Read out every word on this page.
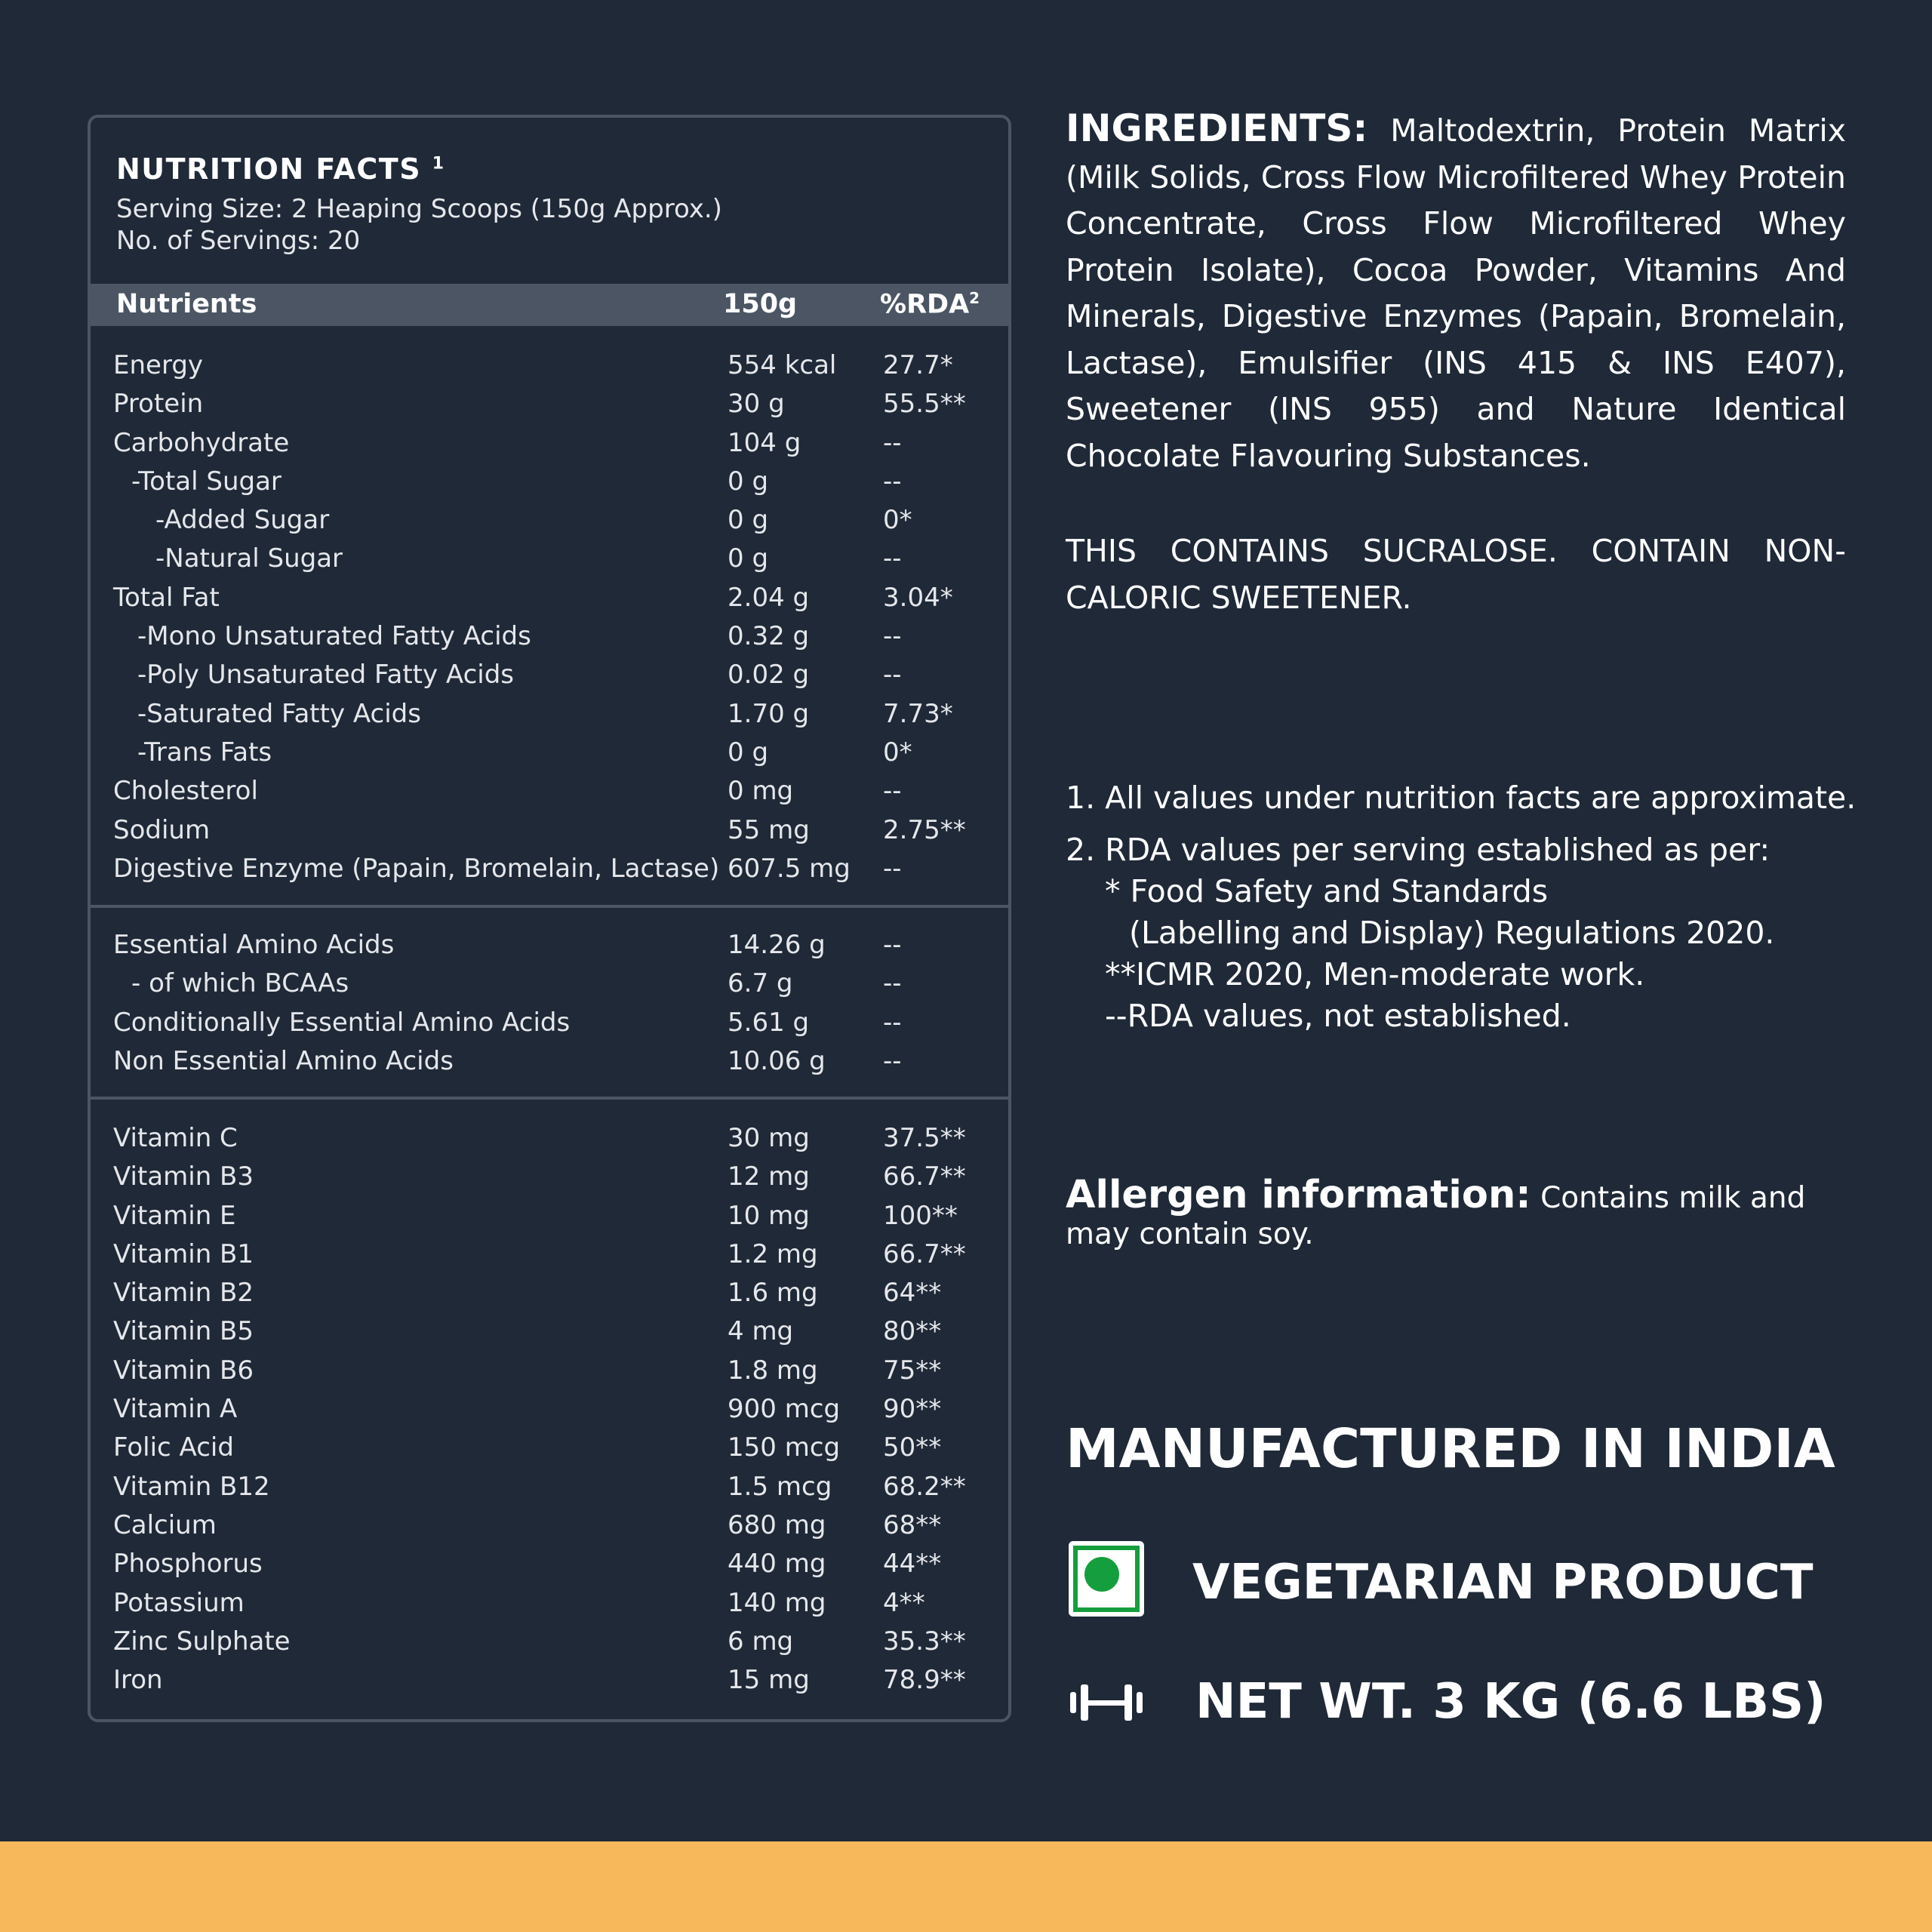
NUTRITION FACTS $^1$
Serving Size: 2 Heaping Scoops (150g Approx.)
No. of Servings: 20
Nutrients	150g	%RDA$^2$
Energy	554 kcal 27.7*
Protein	30 g	55.5**
Carbohydrate	104 g	--
-Total Sugar	0 g	--
-Added Sugar	0 g	0*
-Natural Sugar	0 g	--
Total Fat	2.04 g	3.04*
-Mono Unsaturated Fatty Acids	0.32 g	--
-Poly Unsaturated Fatty Acids	0.02 g	--
-Saturated Fatty Acids	1.70 g	7.73*
-Trans Fats	0 g	0*
Cholesterol	0 mg	--
Sodium	55 mg	2.75**
Digestive Enzyme (Papain, Bromelain, Lactase) 607.5 mg --
Essential Amino Acids	14.26 g --
- of which BCAAs	6.7 g	--
Conditionally Essential Amino Acids	5.61 g	--
Non Essential Amino Acids	10.06 g --
Vitamin C	30 mg	37.5**
Vitamin B3	12 mg	66.7**
Vitamin E	10 mg	100**
Vitamin B1	1.2 mg	66.7**
Vitamin B2	1.6 mg	64**
Vitamin B5	4 mg	80**
Vitamin B6	1.8 mg	75**
Vitamin A	900 mcg 90**
Folic Acid	150 mcg 50**
Vitamin B12	1.5 mcg 68.2**
Calcium	680 mg 68**
Phosphorus	440 mg 44**
Potassium	140 mg 4**
Zinc Sulphate	6 mg	35.3**
Iron	15 mg	78.9**
INGREDIENTS: Maltodextrin, Protein Matrix (Milk Solids, Cross Flow Microfiltered Whey Protein Concentrate, Cross Flow Microfiltered Whey Protein Isolate), Cocoa Powder, Vitamins And Minerals, Digestive Enzymes (Papain, Bromelain, Lactase), Emulsifier (INS 415 & INS E407), Sweetener (INS 955) and Nature Identical Chocolate Flavouring Substances.
THIS CONTAINS SUCRALOSE. CONTAIN NON-CALORIC SWEETENER.
1. All values under nutrition facts are approximate.
2. RDA values per serving established as per:
* Food Safety and Standards
(Labelling and Display) Regulations 2020.
**ICMR 2020, Men-moderate work.
--RDA values, not established.
Allergen information: Contains milk and may contain soy.
MANUFACTURED IN INDIA
VEGETARIAN PRODUCT
NET WT. 3 KG (6.6 LBS)
